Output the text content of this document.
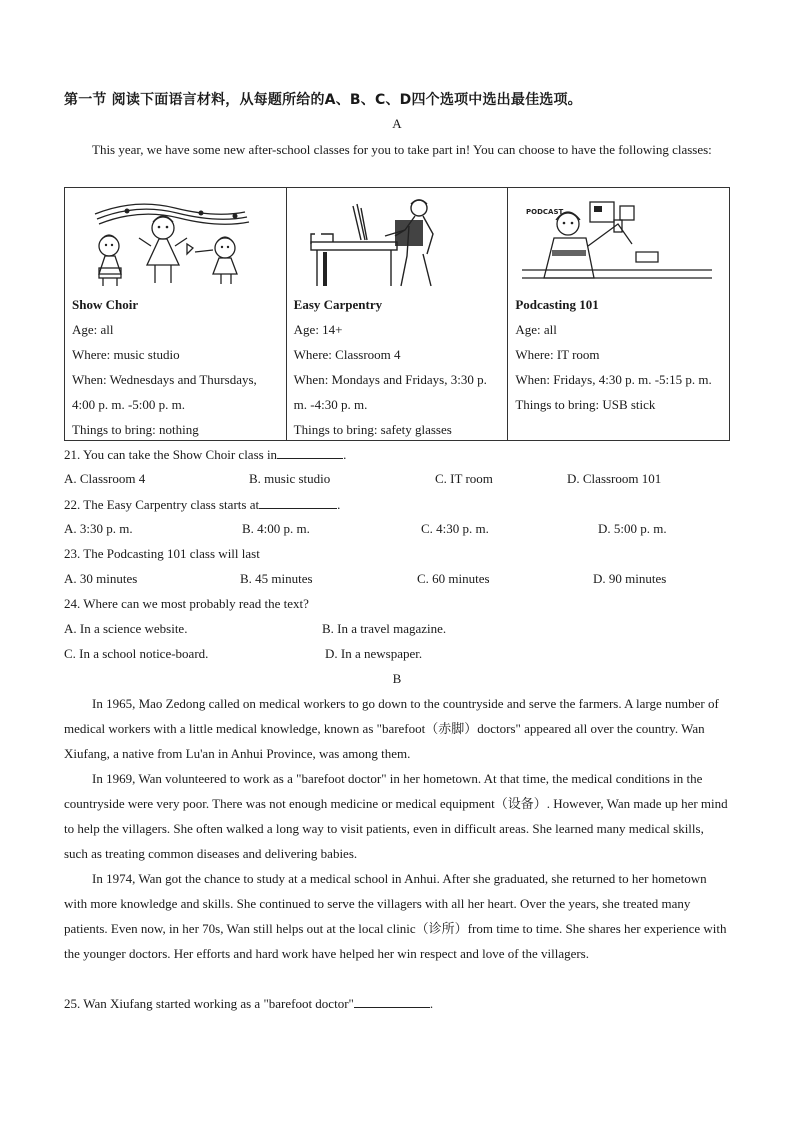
第一节 阅读下面语言材料，从每题所给的A、B、C、D四个选项中选出最佳选项。
A
This year, we have some new after-school classes for you to take part in! You can choose to have the following classes:
Show Choir
Age: all
Where: music studio
When: Wednesdays and Thursdays, 4:00 p. m. -5:00 p. m.
Things to bring: nothing

Easy Carpentry
Age: 14+
Where: Classroom 4
When: Mondays and Fridays, 3:30 p. m. -4:30 p. m.
Things to bring: safety glasses

PODCAST
Podcasting 101
Age: all
Where: IT room
When: Fridays, 4:30 p. m. -5:15 p. m.
Things to bring: USB stick
21. You can take the Show Choir class in	.
A. Classroom 4	B. music studio	C. IT room	D. Classroom 101
22. The Easy Carpentry class starts at	.
A. 3:30 p. m.	B. 4:00 p. m.	C. 4:30 p. m.	D. 5:00 p. m.
23. The Podcasting 101 class will last
A. 30 minutes	B. 45 minutes	C. 60 minutes	D. 90 minutes
24. Where can we most probably read the text?
A. In a science website.	B. In a travel magazine.
C. In a school notice-board.	D. In a newspaper.
B
In 1965, Mao Zedong called on medical workers to go down to the countryside and serve the farmers. A large number of medical workers with a little medical knowledge, known as "barefoot（赤脚）doctors" appeared all over the country. Wan Xiufang, a native from Lu'an in Anhui Province, was among them.
In 1969, Wan volunteered to work as a "barefoot doctor" in her hometown. At that time, the medical conditions in the countryside were very poor. There was not enough medicine or medical equipment（设备）. However, Wan made up her mind to help the villagers. She often walked a long way to visit patients, even in difficult areas. She learned many medical skills, such as treating common diseases and delivering babies.
In 1974, Wan got the chance to study at a medical school in Anhui. After she graduated, she returned to her hometown with more knowledge and skills. She continued to serve the villagers with all her heart. Over the years, she treated many patients. Even now, in her 70s, Wan still helps out at the local clinic（诊所）from time to time. She shares her experience with the younger doctors. Her efforts and hard work have helped her win respect and love of the villagers.
25. Wan Xiufang started working as a "barefoot doctor"	.
